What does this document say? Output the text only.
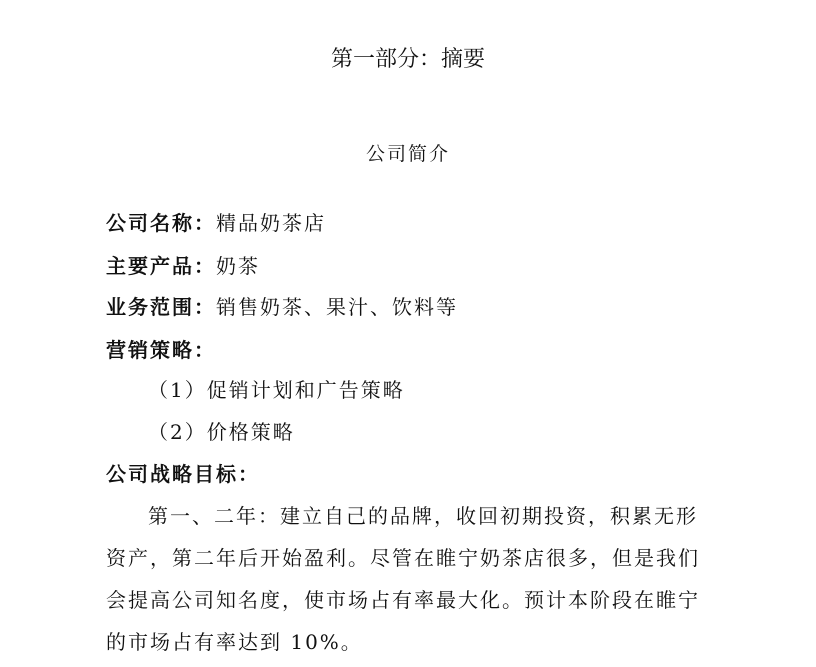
第一部分：摘要
公司简介
公司名称：精品奶茶店
主要产品：奶茶
业务范围：销售奶茶、果汁、饮料等
营销策略：
（1）促销计划和广告策略
（2）价格策略
公司战略目标：
第一、二年：建立自己的品牌，收回初期投资，积累无形
资产，第二年后开始盈利。尽管在睢宁奶茶店很多，但是我们
会提高公司知名度，使市场占有率最大化。预计本阶段在睢宁
的市场占有率达到 10%。
